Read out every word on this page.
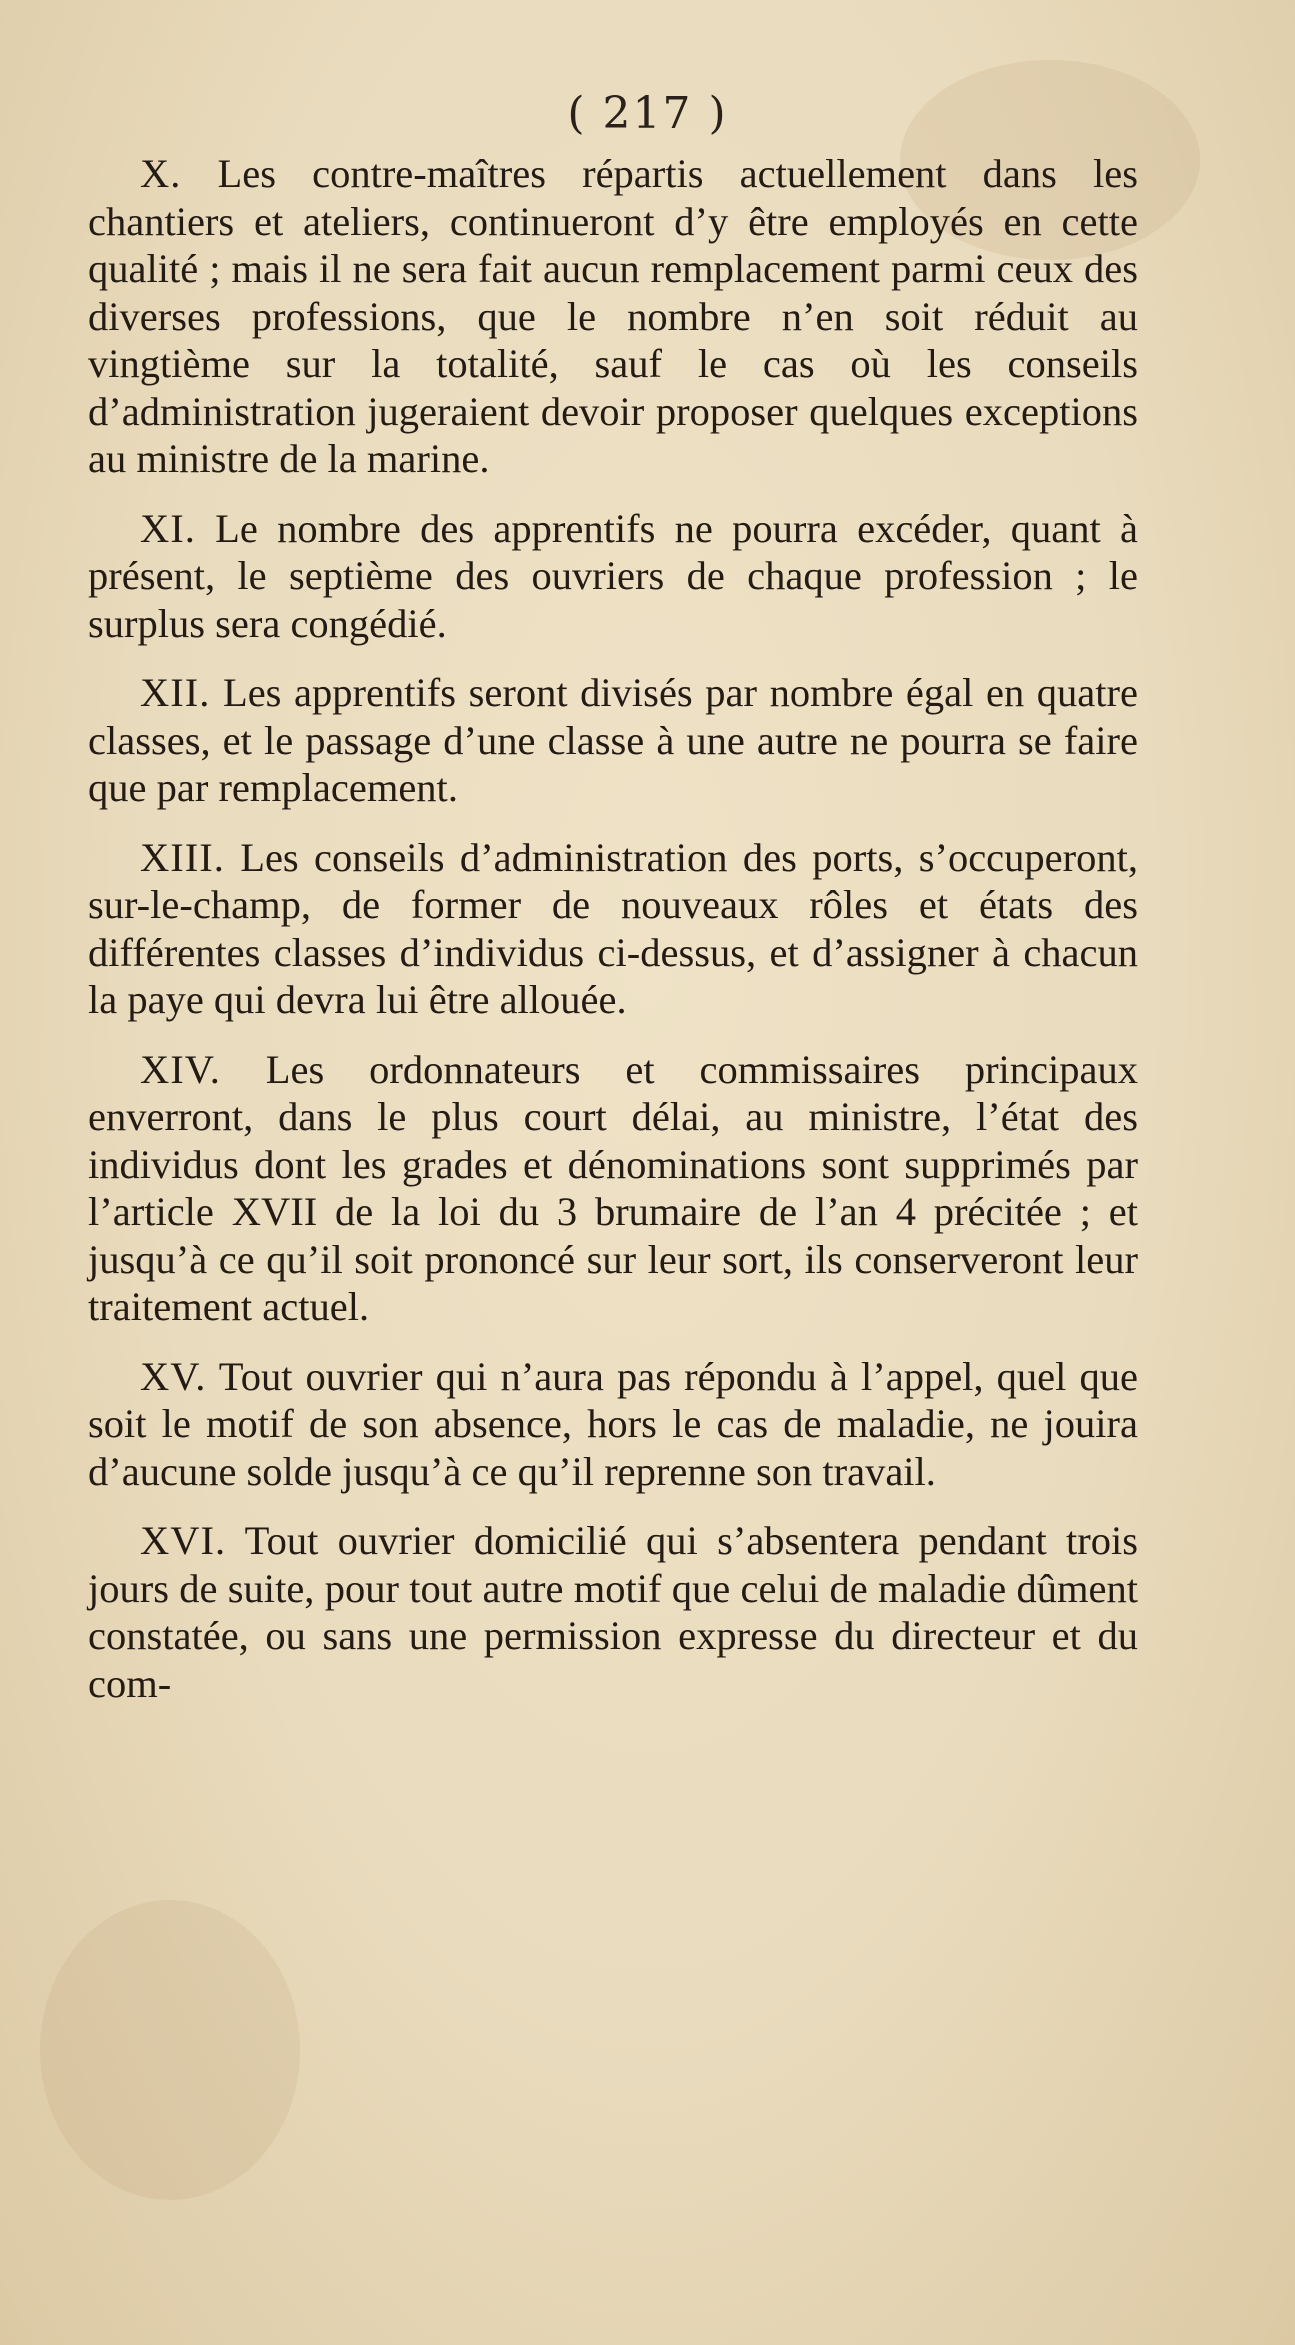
( 217 )

X. Les contre-maîtres répartis actuellement dans les chantiers et ateliers, continueront d’y être employés en cette qualité ; mais il ne sera fait aucun remplacement parmi ceux des diverses professions, que le nombre n’en soit réduit au vingtième sur la totalité, sauf le cas où les conseils d’administration jugeraient devoir proposer quelques exceptions au ministre de la marine.

XI. Le nombre des apprentifs ne pourra excéder, quant à présent, le septième des ouvriers de chaque profession ; le surplus sera congédié.

XII. Les apprentifs seront divisés par nombre égal en quatre classes, et le passage d’une classe à une autre ne pourra se faire que par remplacement.

XIII. Les conseils d’administration des ports, s’occuperont, sur-le-champ, de former de nouveaux rôles et états des différentes classes d’individus ci-dessus, et d’assigner à chacun la paye qui devra lui être allouée.

XIV. Les ordonnateurs et commissaires principaux enverront, dans le plus court délai, au ministre, l’état des individus dont les grades et dénominations sont supprimés par l’article XVII de la loi du 3 brumaire de l’an 4 précitée ; et jusqu’à ce qu’il soit prononcé sur leur sort, ils conserveront leur traitement actuel.

XV. Tout ouvrier qui n’aura pas répondu à l’appel, quel que soit le motif de son absence, hors le cas de maladie, ne jouira d’aucune solde jusqu’à ce qu’il reprenne son travail.

XVI. Tout ouvrier domicilié qui s’absentera pendant trois jours de suite, pour tout autre motif que celui de maladie dûment constatée, ou sans une permission expresse du directeur et du com-
